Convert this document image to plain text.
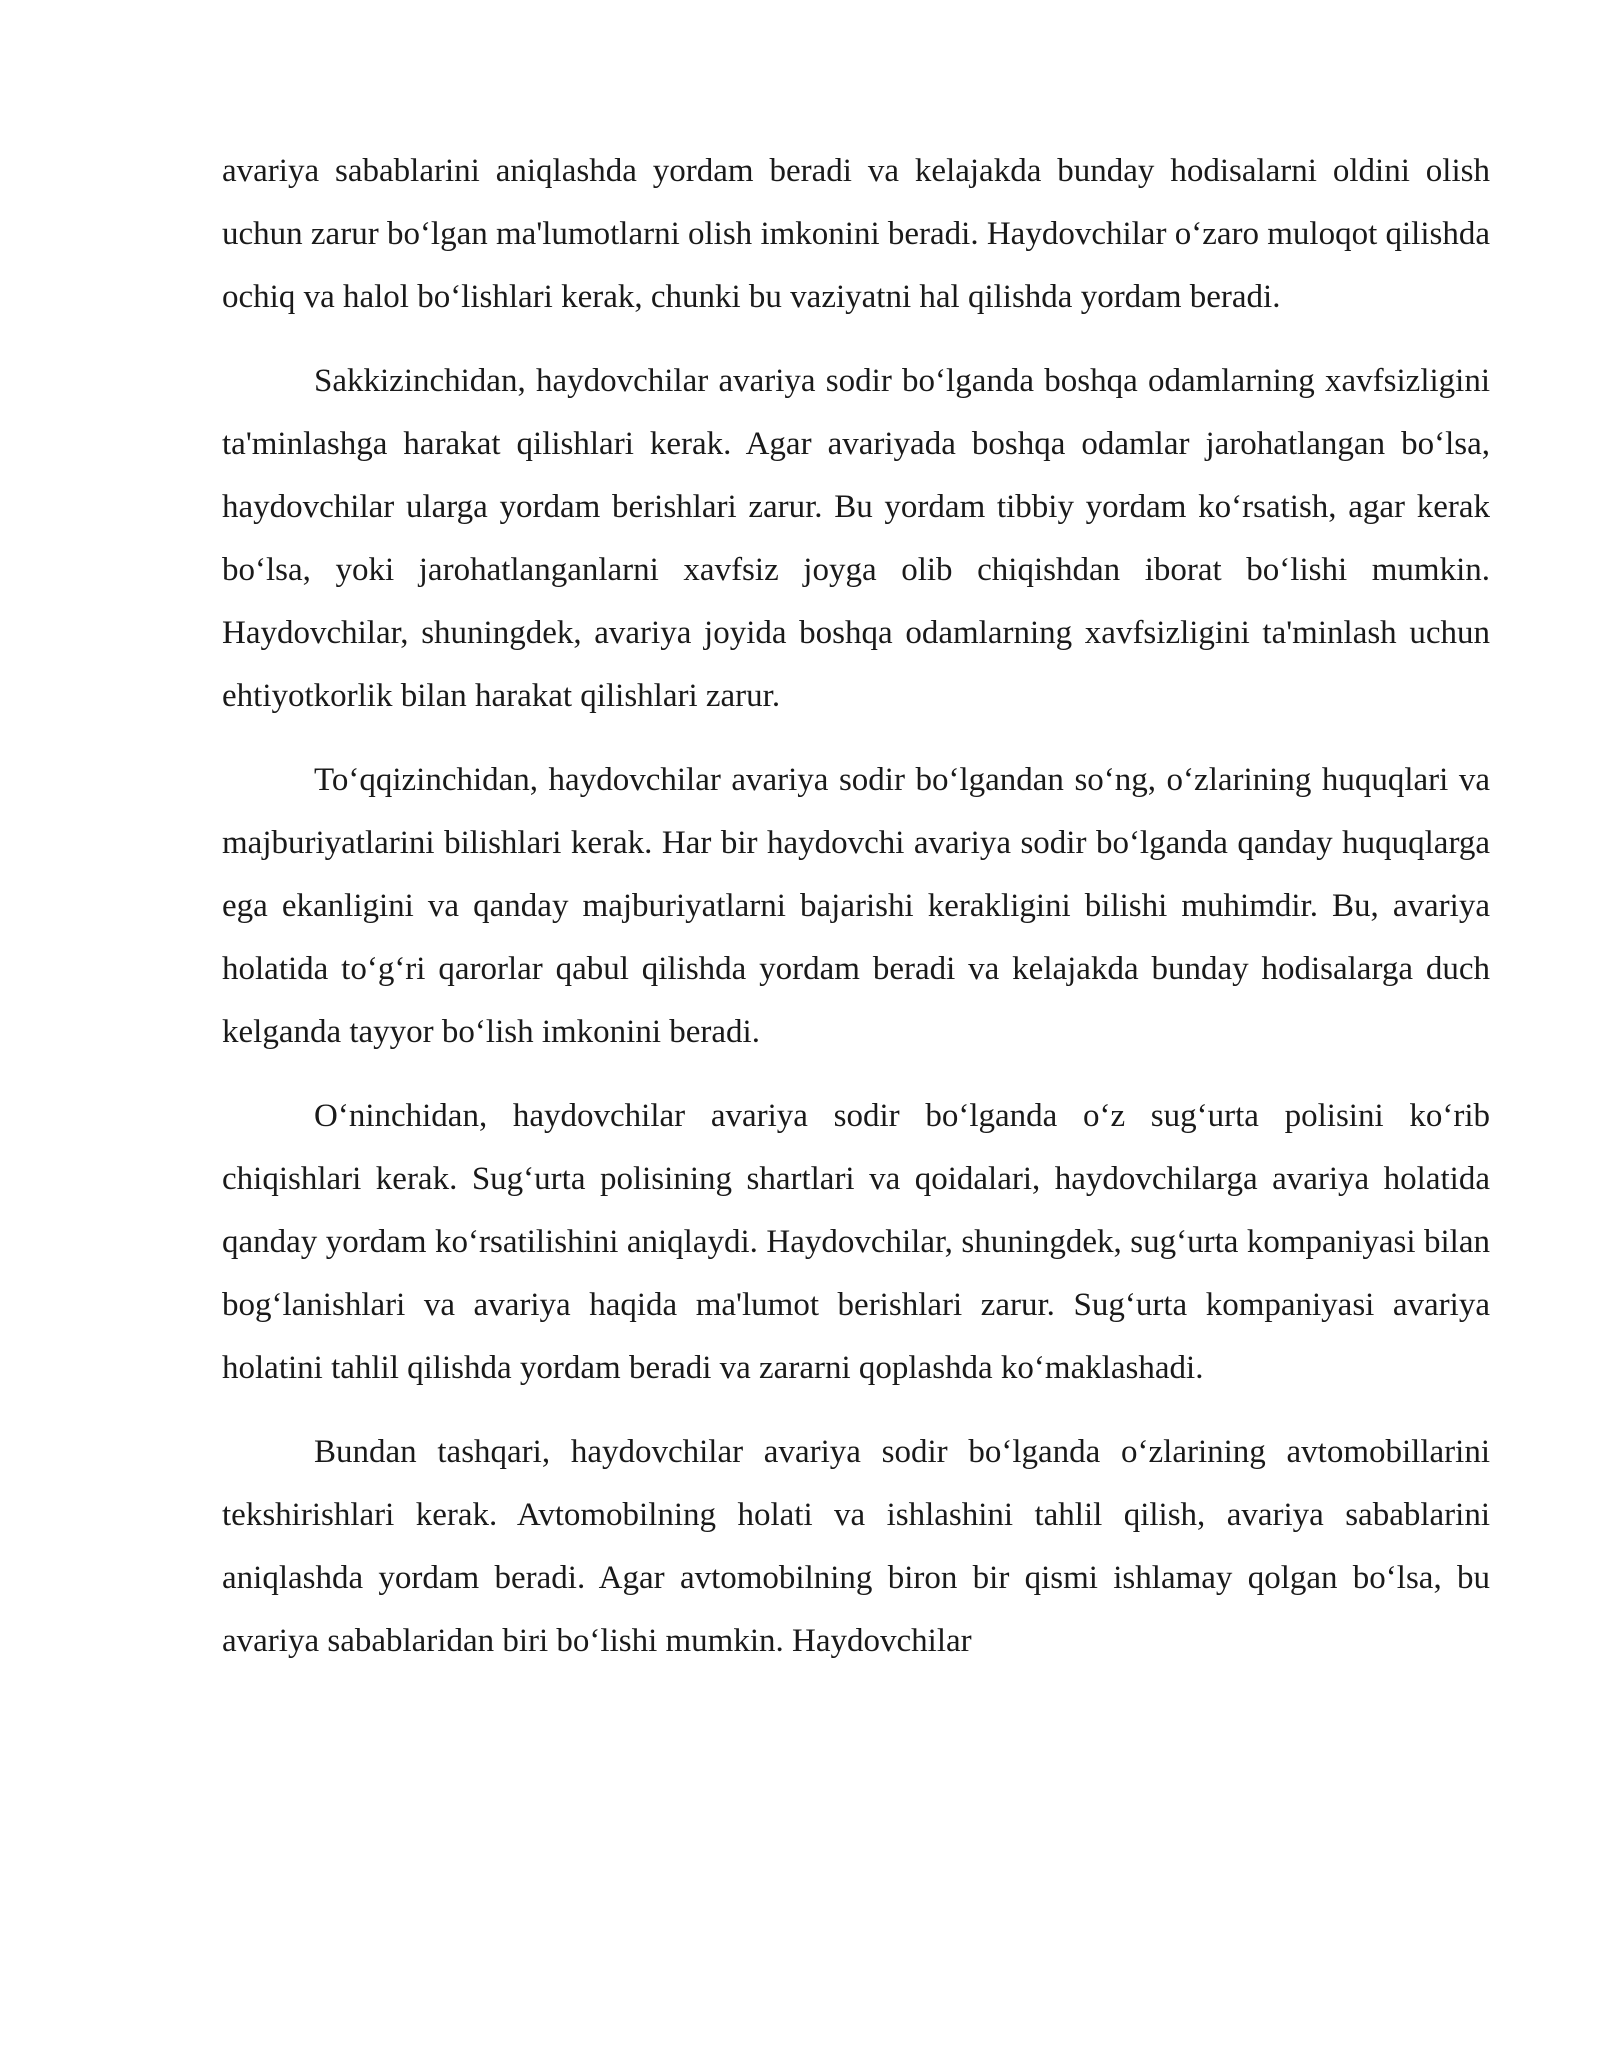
avariya sabablarini aniqlashda yordam beradi va kelajakda bunday hodisalarni oldini olish uchun zarur bo‘lgan ma'lumotlarni olish imkonini beradi. Haydovchilar o‘zaro muloqot qilishda ochiq va halol bo‘lishlari kerak, chunki bu vaziyatni hal qilishda yordam beradi.

Sakkizinchidan, haydovchilar avariya sodir bo‘lganda boshqa odamlarning xavfsizligini ta'minlashga harakat qilishlari kerak. Agar avariyada boshqa odamlar jarohatlangan bo‘lsa, haydovchilar ularga yordam berishlari zarur. Bu yordam tibbiy yordam ko‘rsatish, agar kerak bo‘lsa, yoki jarohatlanganlarni xavfsiz joyga olib chiqishdan iborat bo‘lishi mumkin. Haydovchilar, shuningdek, avariya joyida boshqa odamlarning xavfsizligini ta'minlash uchun ehtiyotkorlik bilan harakat qilishlari zarur.

To‘qqizinchidan, haydovchilar avariya sodir bo‘lgandan so‘ng, o‘zlarining huquqlari va majburiyatlarini bilishlari kerak. Har bir haydovchi avariya sodir bo‘lganda qanday huquqlarga ega ekanligini va qanday majburiyatlarni bajarishi kerakligini bilishi muhimdir. Bu, avariya holatida to‘g‘ri qarorlar qabul qilishda yordam beradi va kelajakda bunday hodisalarga duch kelganda tayyor bo‘lish imkonini beradi.

O‘ninchidan, haydovchilar avariya sodir bo‘lganda o‘z sug‘urta polisini ko‘rib chiqishlari kerak. Sug‘urta polisining shartlari va qoidalari, haydovchilarga avariya holatida qanday yordam ko‘rsatilishini aniqlaydi. Haydovchilar, shuningdek, sug‘urta kompaniyasi bilan bog‘lanishlari va avariya haqida ma'lumot berishlari zarur. Sug‘urta kompaniyasi avariya holatini tahlil qilishda yordam beradi va zararni qoplashda ko‘maklashadi.

Bundan tashqari, haydovchilar avariya sodir bo‘lganda o‘zlarining avtomobillarini tekshirishlari kerak. Avtomobilning holati va ishlashini tahlil qilish, avariya sabablarini aniqlashda yordam beradi. Agar avtomobilning biron bir qismi ishlamay qolgan bo‘lsa, bu avariya sabablaridan biri bo‘lishi mumkin. Haydovchilar
